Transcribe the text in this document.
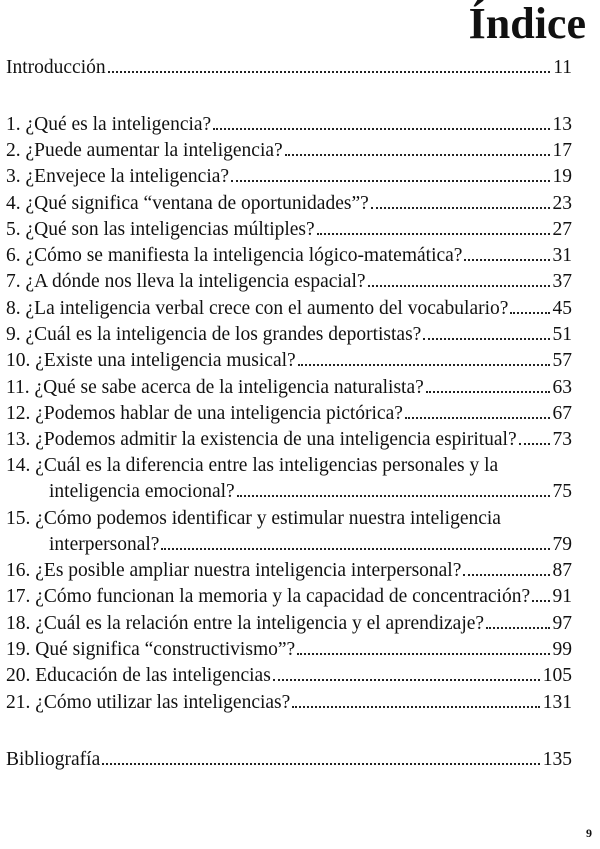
Índice
Introducción	11
1. ¿Qué es la inteligencia?	13
2. ¿Puede aumentar la inteligencia?	17
3. ¿Envejece la inteligencia?	19
4. ¿Qué significa “ventana de oportunidades”?	23
5. ¿Qué son las inteligencias múltiples?	27
6. ¿Cómo se manifiesta la inteligencia lógico-matemática?	31
7. ¿A dónde nos lleva la inteligencia espacial?	37
8. ¿La inteligencia verbal crece con el aumento del vocabulario? 45
9. ¿Cuál es la inteligencia de los grandes deportistas?	51
10. ¿Existe una inteligencia musical?	57
11. ¿Qué se sabe acerca de la inteligencia naturalista?	63
12. ¿Podemos hablar de una inteligencia pictórica?	67
13. ¿Podemos admitir la existencia de una inteligencia espiritual? 73
14. ¿Cuál es la diferencia entre las inteligencias personales y la
inteligencia emocional?	75
15. ¿Cómo podemos identificar y estimular nuestra inteligencia
interpersonal?	79
16. ¿Es posible ampliar nuestra inteligencia interpersonal?	87
17. ¿Cómo funcionan la memoria y la capacidad de concentración? 91
18. ¿Cuál es la relación entre la inteligencia y el aprendizaje?	97
19. Qué significa “constructivismo”?	99
20. Educación de las inteligencias	105
21. ¿Cómo utilizar las inteligencias?	131
Bibliografía	135
9
